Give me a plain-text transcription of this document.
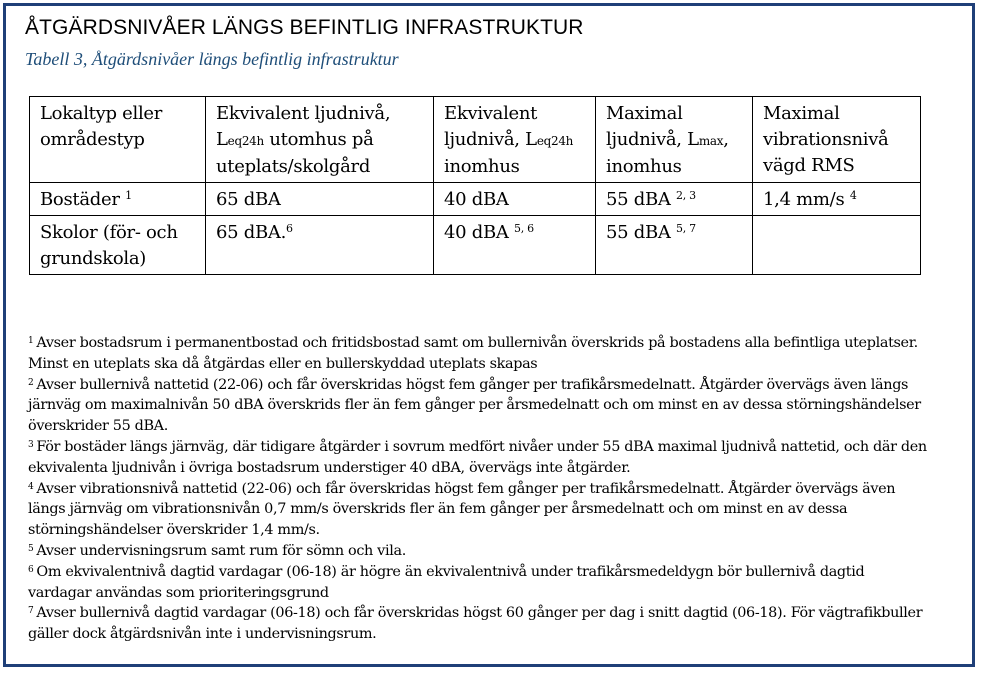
ÅTGÄRDSNIVÅER LÄNGS BEFINTLIG INFRASTRUKTUR

Tabell 3, Åtgärdsnivåer längs befintlig infrastruktur

Lokaltyp eller områdestyp	Ekvivalent ljudnivå, Leq24h utomhus på uteplats/skolgård	Ekvivalent ljudnivå, Leq24h inomhus	Maximal ljudnivå, Lmax, inomhus	Maximal vibrationsnivå vägd RMS
Bostäder $^1$	65 dBA	40 dBA	55 dBA $^{2, 3}$	1,4 mm/s $^4$
Skolor (för- och grundskola)	65 dBA.$^6$	40 dBA $^{5, 6}$	55 dBA $^{5, 7}$	

$^1$ Avser bostadsrum i permanentbostad och fritidsbostad samt om bullernivån överskrids på bostadens alla befintliga uteplatser. Minst en uteplats ska då åtgärdas eller en bullerskyddad uteplats skapas

$^2$ Avser bullernivå nattetid (22-06) och får överskridas högst fem gånger per trafikårsmedelnatt. Åtgärder övervägs även längs järnväg om maximalnivån 50 dBA överskrids fler än fem gånger per årsmedelnatt och om minst en av dessa störningshändelser överskrider 55 dBA.

$^3$ För bostäder längs järnväg, där tidigare åtgärder i sovrum medfört nivåer under 55 dBA maximal ljudnivå nattetid, och där den ekvivalenta ljudnivån i övriga bostadsrum understiger 40 dBA, övervägs inte åtgärder.

$^4$ Avser vibrationsnivå nattetid (22-06) och får överskridas högst fem gånger per trafikårsmedelnatt. Åtgärder övervägs även längs järnväg om vibrationsnivån 0,7 mm/s överskrids fler än fem gånger per årsmedelnatt och om minst en av dessa störningshändelser överskrider 1,4 mm/s.

$^5$ Avser undervisningsrum samt rum för sömn och vila.

$^6$ Om ekvivalentnivå dagtid vardagar (06-18) är högre än ekvivalentnivå under trafikårsmedeldygn bör bullernivå dagtid vardagar användas som prioriteringsgrund

$^7$ Avser bullernivå dagtid vardagar (06-18) och får överskridas högst 60 gånger per dag i snitt dagtid (06-18). För vägtrafikbuller gäller dock åtgärdsnivån inte i undervisningsrum.
